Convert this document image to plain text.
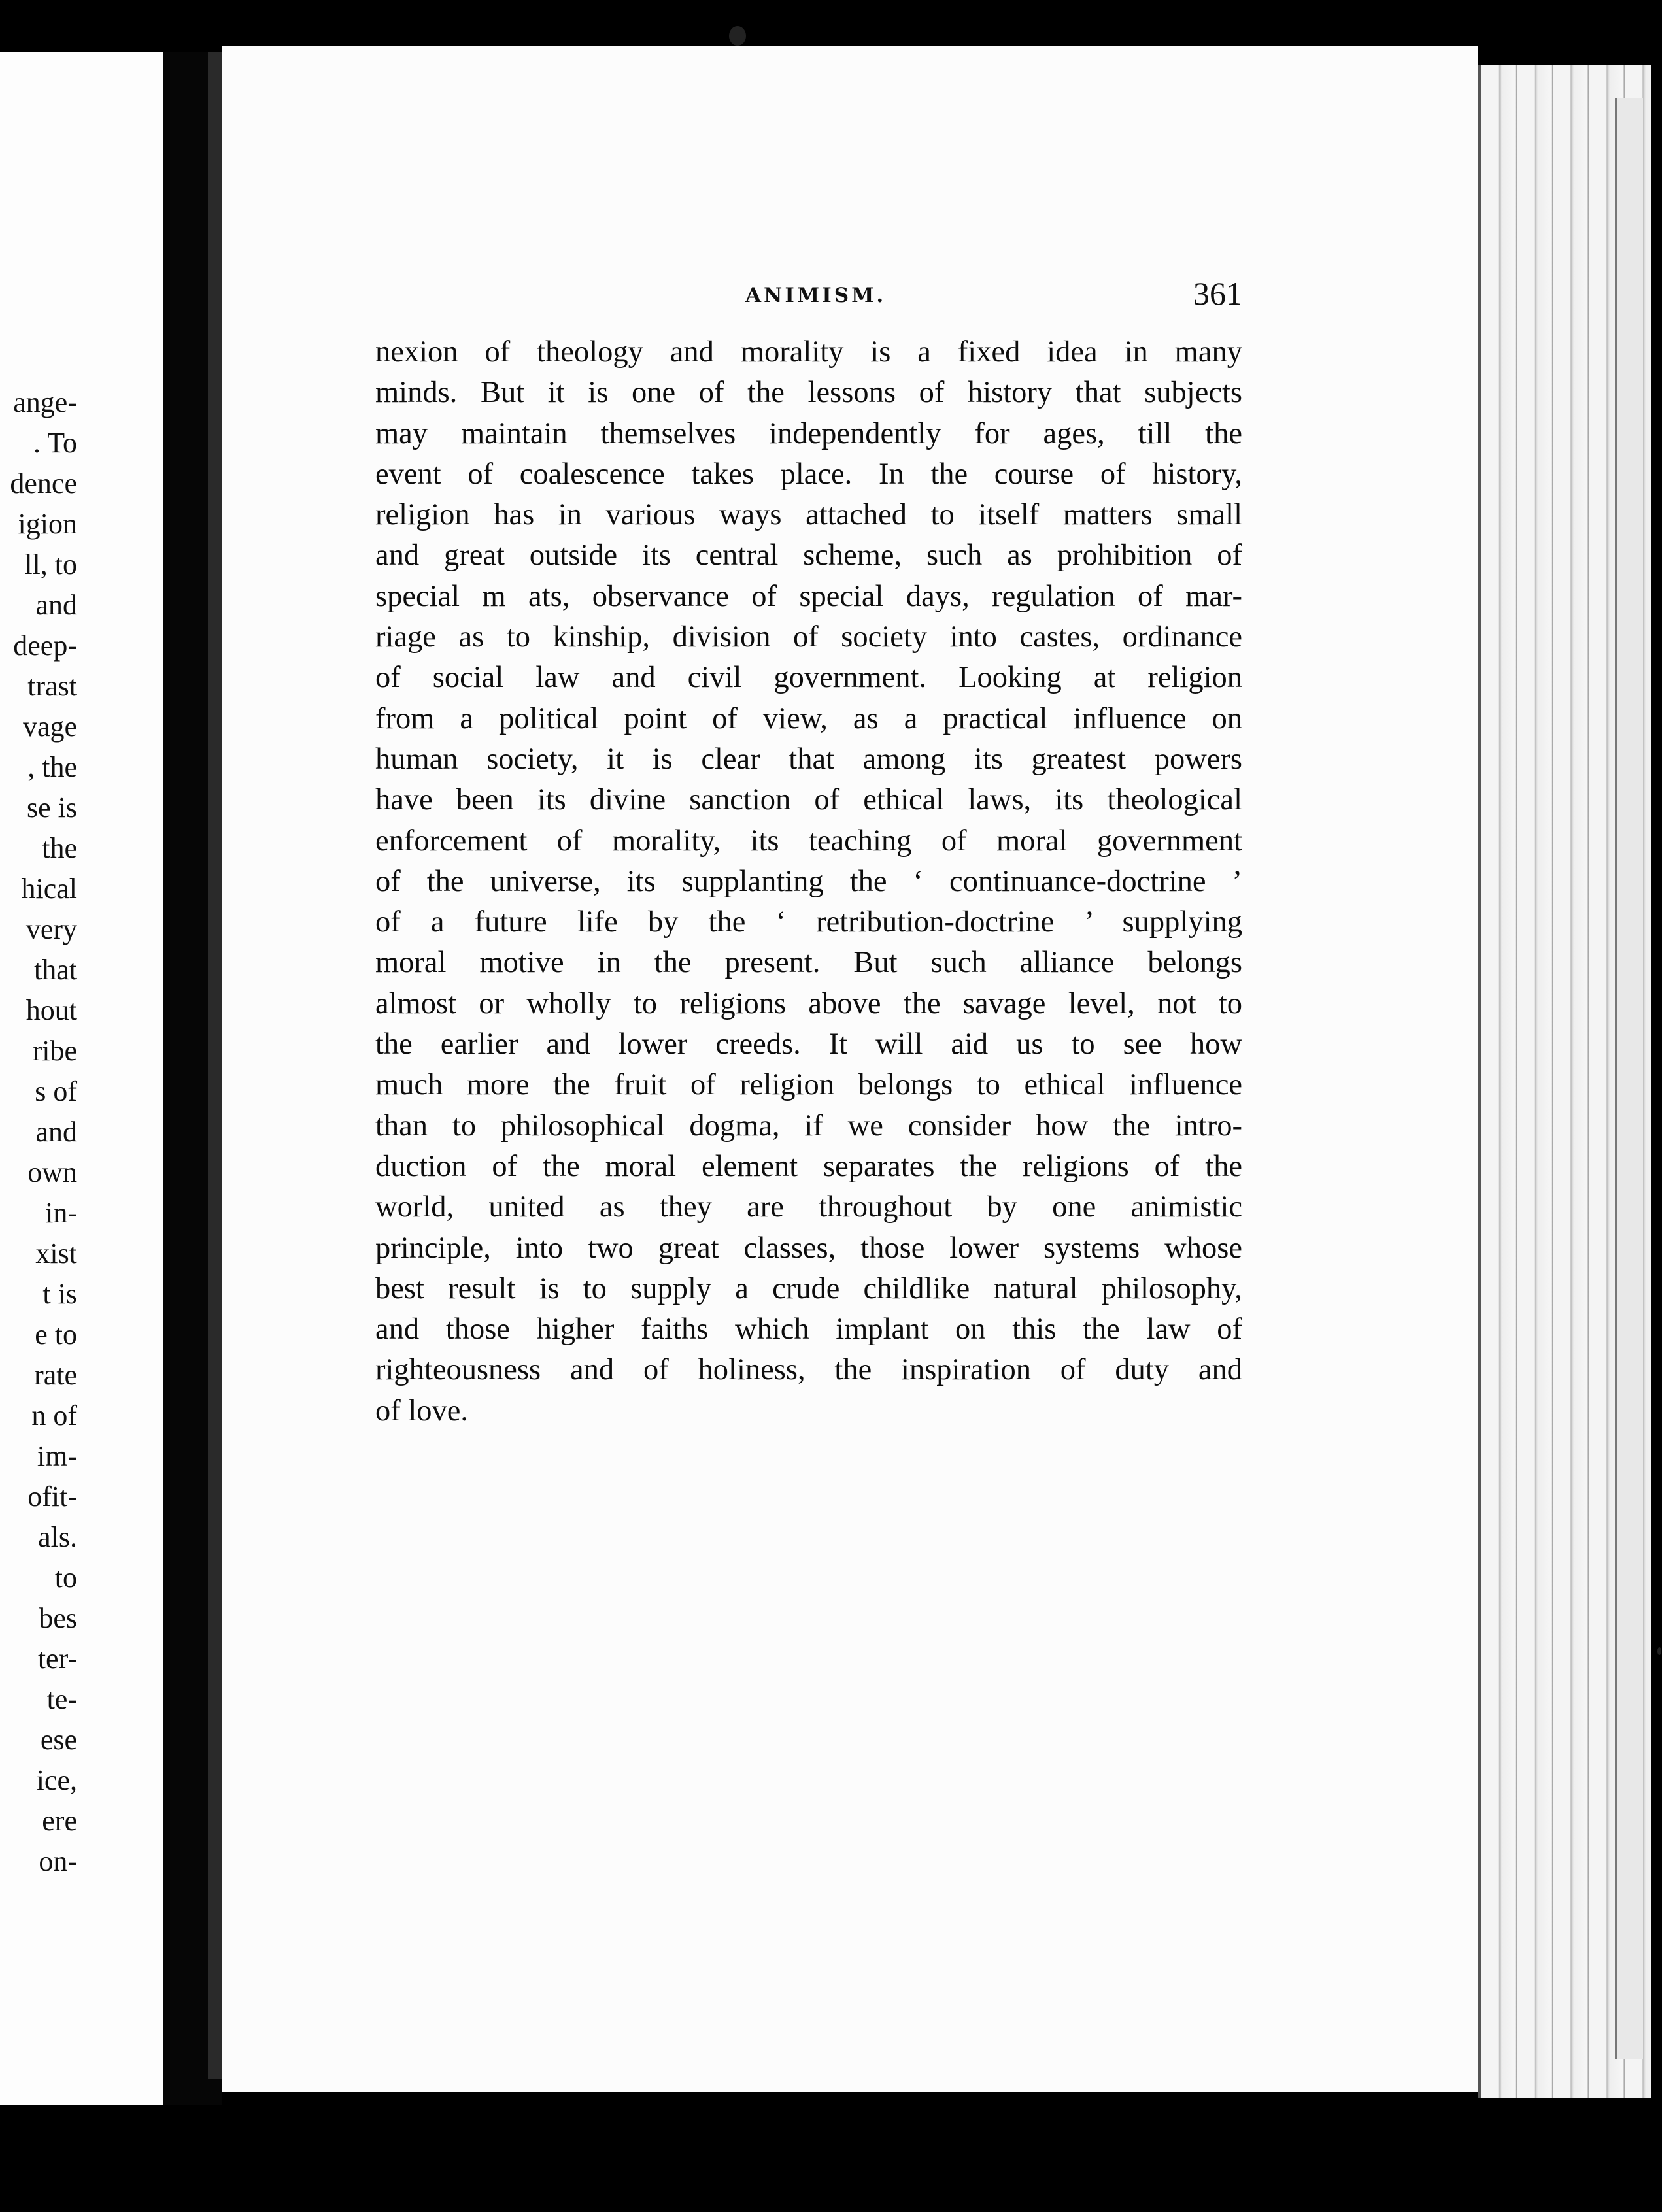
ange-
. To
dence
igion
ll, to
and
deep-
trast
vage
, the
se is
the
hical
very
that
hout
ribe
s of
and
own
in-
xist
t is
e to
rate
n of
im-
ofit-
als.
to
bes
ter-
te-
ese
ice,
ere
on-
ANIMISM.	361
nexion of theology and morality is a fixed idea in many
minds. But it is one of the lessons of history that subjects
may maintain themselves independently for ages, till the
event of coalescence takes place. In the course of history,
religion has in various ways attached to itself matters small
and great outside its central scheme, such as prohibition of
special m ats, observance of special days, regulation of mar-
riage as to kinship, division of society into castes, ordinance
of social law and civil government. Looking at religion
from a political point of view, as a practical influence on
human society, it is clear that among its greatest powers
have been its divine sanction of ethical laws, its theological
enforcement of morality, its teaching of moral government
of the universe, its supplanting the ‘ continuance-doctrine ’
of a future life by the ‘ retribution-doctrine ’ supplying
moral motive in the present. But such alliance belongs
almost or wholly to religions above the savage level, not to
the earlier and lower creeds. It will aid us to see how
much more the fruit of religion belongs to ethical influence
than to philosophical dogma, if we consider how the intro-
duction of the moral element separates the religions of the
world, united as they are throughout by one animistic
principle, into two great classes, those lower systems whose
best result is to supply a crude childlike natural philosophy,
and those higher faiths which implant on this the law of
righteousness and of holiness, the inspiration of duty and
of love.
